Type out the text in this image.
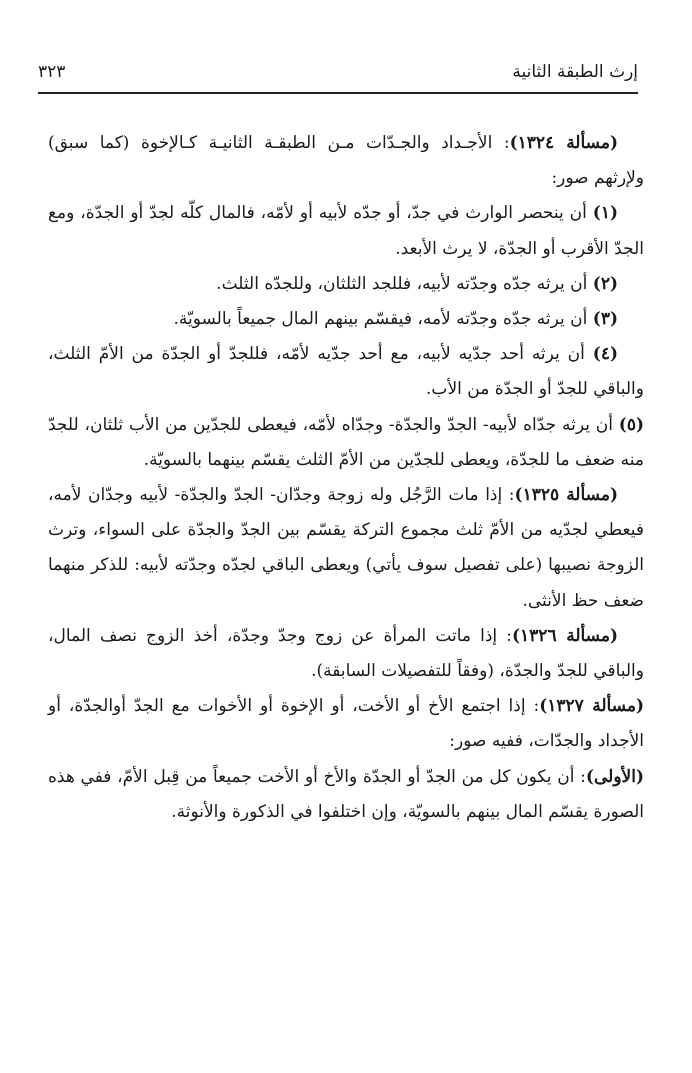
إرث الطبقة الثانية
٣٢٣

(مسألة ١٣٢٤): الأجـداد والجـدّات مـن الطبقـة الثانيـة كـالإخوة (كما سبق) ولإرثهم صور:

(١) أن ينحصر الوارث في جدّ، أو جدّه لأبيه أو لأمّه، فالمال كلّه لجدّ أو الجدّة، ومع الجدّ الأقرب أو الجدّة، لا يرث الأبعد.

(٢) أن يرثه جدّه وجدّته لأبيه، فللجد الثلثان، وللجدّه الثلث.

(٣) أن يرثه جدّه وجدّته لأمه، فيقسّم بينهم المال جميعاً بالسويّة.

(٤) أن يرثه أحد جدّيه لأبيه، مع أحد جدّيه لأمّه، فللجدّ أو الجدّة من الأمّ الثلث، والباقي للجدّ أو الجدّة من الأب.

(٥) أن يرثه جدّاه لأبيه- الجدّ والجدّة- وجدّاه لأمّه، فيعطى للجدّين من الأب ثلثان، للجدّ منه ضعف ما للجدّة، ويعطى للجدّين من الأمّ الثلث يقسّم بينهما بالسويّة.

(مسألة ١٣٢٥): إذا مات الرَّجُل وله زوجة وجدّان- الجدّ والجدّة- لأبيه وجدّان لأمه، فيعطي لجدّيه من الأمّ ثلث مجموع التركة يقسّم بين الجدّ والجدّة على السواء، وترث الزوجة نصيبها (على تفصيل سوف يأتي) ويعطى الباقي لجدّه وجدّته لأبيه: للذكر منهما ضعف حظ الأنثى.

(مسألة ١٣٢٦): إذا ماتت المرأة عن زوج وجدّ وجدّة، أخذ الزوج نصف المال، والباقي للجدّ والجدّة، (وفقاً للتفصيلات السابقة).

(مسألة ١٣٢٧): إذا اجتمع الأخ أو الأخت، أو الإخوة أو الأخوات مع الجدّ أوالجدّة، أو الأجداد والجدّات، ففيه صور:

(الأولى): أن يكون كل من الجدّ أو الجدّة والأخ أو الأخت جميعاً من قِبل الأمّ، ففي هذه الصورة يقسّم المال بينهم بالسويّة، وإن اختلفوا في الذكورة والأنوثة.
